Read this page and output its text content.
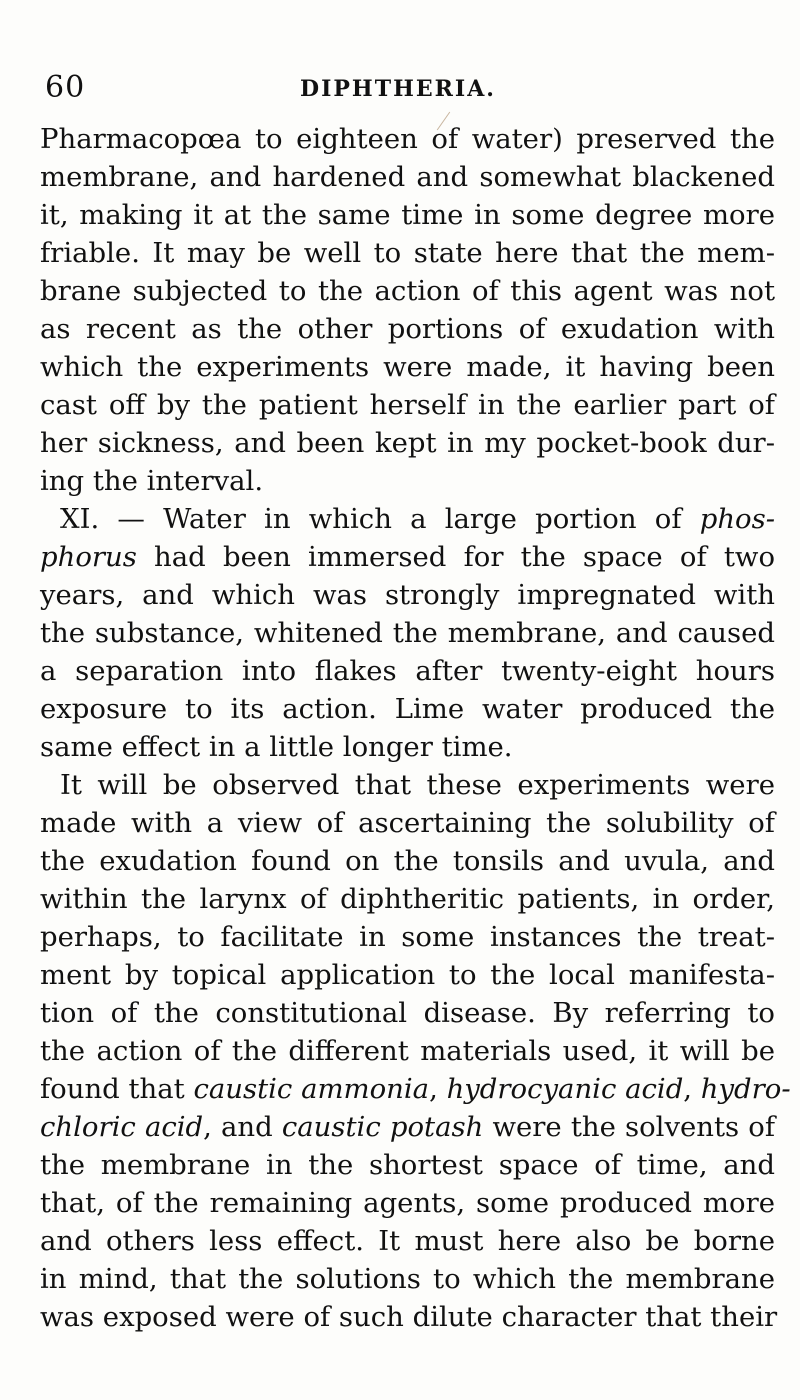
60	DIPHTHERIA.
Pharmacopœa to eighteen of water) preserved the
membrane, and hardened and somewhat blackened
it, making it at the same time in some degree more
friable. It may be well to state here that the mem-
brane subjected to the action of this agent was not
as recent as the other portions of exudation with
which the experiments were made, it having been
cast off by the patient herself in the earlier part of
her sickness, and been kept in my pocket-book dur-
ing the interval.
XI. — Water in which a large portion of phos-
phorus had been immersed for the space of two
years, and which was strongly impregnated with
the substance, whitened the membrane, and caused
a separation into flakes after twenty-eight hours
exposure to its action. Lime water produced the
same effect in a little longer time.
It will be observed that these experiments were
made with a view of ascertaining the solubility of
the exudation found on the tonsils and uvula, and
within the larynx of diphtheritic patients, in order,
perhaps, to facilitate in some instances the treat-
ment by topical application to the local manifesta-
tion of the constitutional disease. By referring to
the action of the different materials used, it will be
found that caustic ammonia, hydrocyanic acid, hydro-
chloric acid, and caustic potash were the solvents of
the membrane in the shortest space of time, and
that, of the remaining agents, some produced more
and others less effect. It must here also be borne
in mind, that the solutions to which the membrane
was exposed were of such dilute character that their
